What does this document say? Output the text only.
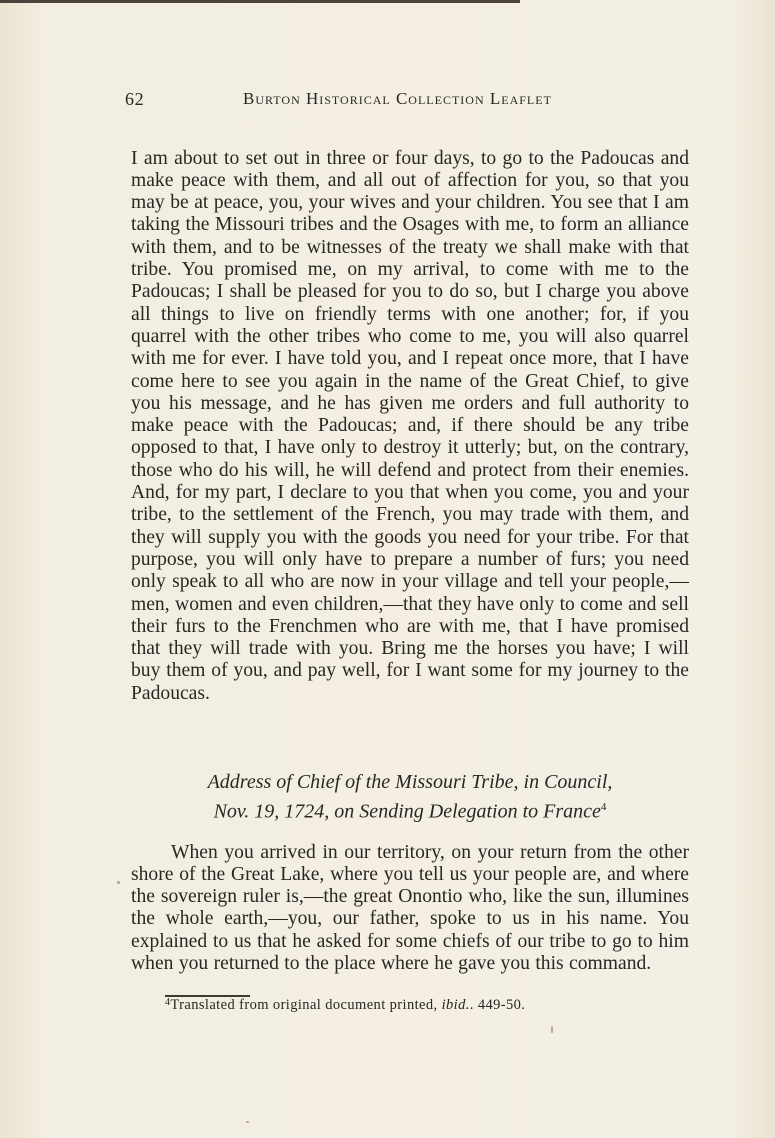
62	Burton Historical Collection Leaflet

I am about to set out in three or four days, to go to the Padoucas and make peace with them, and all out of affection for you, so that you may be at peace, you, your wives and your children. You see that I am taking the Missouri tribes and the Osages with me, to form an alliance with them, and to be witnesses of the treaty we shall make with that tribe. You promised me, on my arrival, to come with me to the Padoucas; I shall be pleased for you to do so, but I charge you above all things to live on friendly terms with one another; for, if you quarrel with the other tribes who come to me, you will also quarrel with me for ever. I have told you, and I repeat once more, that I have come here to see you again in the name of the Great Chief, to give you his message, and he has given me orders and full authority to make peace with the Padoucas; and, if there should be any tribe opposed to that, I have only to destroy it utterly; but, on the contrary, those who do his will, he will defend and protect from their enemies. And, for my part, I declare to you that when you come, you and your tribe, to the settlement of the French, you may trade with them, and they will supply you with the goods you need for your tribe. For that purpose, you will only have to prepare a number of furs; you need only speak to all who are now in your village and tell your people,—men, women and even children,—that they have only to come and sell their furs to the Frenchmen who are with me, that I have promised that they will trade with you. Bring me the horses you have; I will buy them of you, and pay well, for I want some for my journey to the Padoucas.

Address of Chief of the Missouri Tribe, in Council,
Nov. 19, 1724, on Sending Delegation to France$^4$

When you arrived in our territory, on your return from the other shore of the Great Lake, where you tell us your people are, and where the sovereign ruler is,—the great Onontio who, like the sun, illumines the whole earth,—you, our father, spoke to us in his name. You explained to us that he asked for some chiefs of our tribe to go to him when you returned to the place where he gave you this command.

$^4$Translated from original document printed, ibid.. 449-50.
